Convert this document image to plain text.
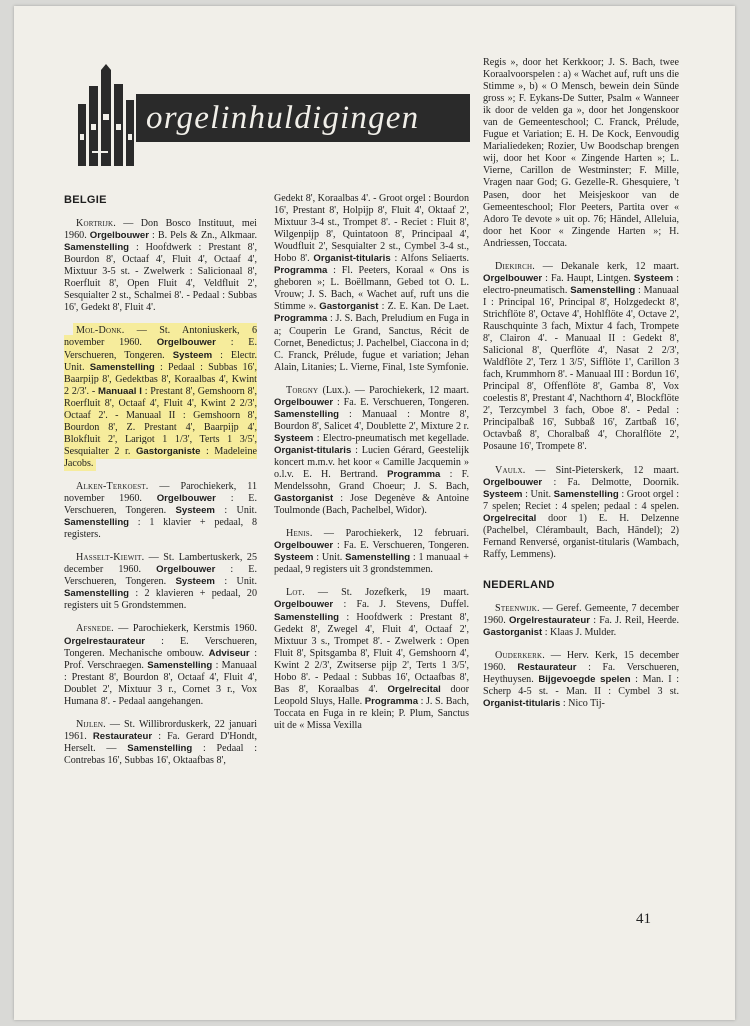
orgelinhuldigingen
BELGIE
Kortrijk. — Don Bosco Instituut, mei 1960. Orgelbouwer : B. Pels & Zn., Alkmaar. Samenstelling : Hoofdwerk : Prestant 8', Bourdon 8', Octaaf 4', Fluit 4', Octaaf 4', Mixtuur 3-5 st. - Zwelwerk : Salicionaal 8', Roerfluit 8', Open Fluit 4', Veldfluit 2', Sesquialter 2 st., Schalmei 8'. - Pedaal : Subbas 16', Gedekt 8', Fluit 4'.
Mol-Donk. — St. Antoniuskerk, 6 november 1960. Orgelbouwer : E. Verschueren, Tongeren. Systeem : Electr. Unit. Samenstelling : Pedaal : Subbas 16', Baarpijp 8', Gedektbas 8', Koraalbas 4', Kwint 2 2/3'. - Manuaal I : Prestant 8', Gemshoorn 8', Roerfluit 8', Octaaf 4', Fluit 4', Kwint 2 2/3', Octaaf 2'. - Manuaal II : Gemshoorn 8', Bourdon 8', Z. Prestant 4', Baarpijp 4', Blokfluit 2', Larigot 1 1/3', Terts 1 3/5', Sesquialter 2 r. Gastorganiste : Madeleine Jacobs.
Alken-Terkoest. — Parochiekerk, 11 november 1960. Orgelbouwer : E. Verschueren, Tongeren. Systeem : Unit. Samenstelling : 1 klavier + pedaal, 8 registers.
Hasselt-Kiewit. — St. Lambertuskerk, 25 december 1960. Orgelbouwer : E. Verschueren, Tongeren. Systeem : Unit. Samenstelling : 2 klavieren + pedaal, 20 registers uit 5 Grondstemmen.
Afsnede. — Parochiekerk, Kerstmis 1960. Orgelrestaurateur : E. Verschueren, Tongeren. Mechanische ombouw. Adviseur : Prof. Verschraegen. Samenstelling : Manuaal : Prestant 8', Bourdon 8', Octaaf 4', Fluit 4', Doublet 2', Mixtuur 3 r., Cornet 3 r., Vox Humana 8'. - Pedaal aangehangen.
Nijlen. — St. Willibrorduskerk, 22 januari 1961. Restaurateur : Fa. Gerard D'Hondt, Herselt. — Samenstelling : Pedaal : Contrebas 16', Subbas 16', Oktaafbas 8',
Gedekt 8', Koraalbas 4'. - Groot orgel : Bourdon 16', Prestant 8', Holpijp 8', Fluit 4', Oktaaf 2', Mixtuur 3-4 st., Trompet 8'. - Reciet : Fluit 8', Wilgenpijp 8', Quintatoon 8', Principaal 4', Woudfluit 2', Sesquialter 2 st., Cymbel 3-4 st., Hobo 8'. Organist-titularis : Alfons Seliaerts. Programma : Fl. Peeters, Koraal « Ons is gheboren »; L. Boëllmann, Gebed tot O. L. Vrouw; J. S. Bach, « Wachet auf, ruft uns die Stimme ». Gastorganist : Z. E. Kan. De Laet. Programma : J. S. Bach, Preludium en Fuga in a; Couperin Le Grand, Sanctus, Récit de Cornet, Benedictus; J. Pachelbel, Ciaccona in d; C. Franck, Prélude, fugue et variation; Jehan Alain, Litanies; L. Vierne, Final, 1ste Symfonie.
Torgny (Lux.). — Parochiekerk, 12 maart. Orgelbouwer : Fa. E. Verschueren, Tongeren. Samenstelling : Manuaal : Montre 8', Bourdon 8', Salicet 4', Doublette 2', Mixture 2 r. Systeem : Electro-pneumatisch met kegellade. Organist-titularis : Lucien Gérard, Geestelijk koncert m.m.v. het koor « Camille Jacquemin » o.l.v. E. H. Bertrand. Programma : F. Mendelssohn, Grand Choeur; J. S. Bach, Gastorganist : Jose Degenève & Antoine Toulmonde (Bach, Pachelbel, Widor).
Henis. — Parochiekerk, 12 februari. Orgelbouwer : Fa. E. Verschueren, Tongeren. Systeem : Unit. Samenstelling : 1 manuaal + pedaal, 9 registers uit 3 grondstemmen.
Lot. — St. Jozefkerk, 19 maart. Orgelbouwer : Fa. J. Stevens, Duffel. Samenstelling : Hoofdwerk : Prestant 8', Gedekt 8', Zwegel 4', Fluit 4', Octaaf 2', Mixtuur 3 s., Trompet 8'. - Zwelwerk : Open Fluit 8', Spitsgamba 8', Fluit 4', Gemshoorn 4', Kwint 2 2/3', Zwitserse pijp 2', Terts 1 3/5', Hobo 8'. - Pedaal : Subbas 16', Octaafbas 8', Bas 8', Koraalbas 4'. Orgelrecital door Leopold Sluys, Halle. Programma : J. S. Bach, Toccata en Fuga in re klein; P. Plum, Sanctus uit de « Missa Vexilla
Regis », door het Kerkkoor; J. S. Bach, twee Koraalvoorspelen : a) « Wachet auf, ruft uns die Stimme », b) « O Mensch, bewein dein Sünde gross »; F. Eykans-De Sutter, Psalm « Wanneer ik door de velden ga », door het Jongenskoor van de Gemeenteschool; C. Franck, Prélude, Fugue et Variation; E. H. De Kock, Eenvoudig Marialiedeken; Rozier, Uw Boodschap brengen wij, door het Koor « Zingende Harten »; L. Vierne, Carillon de Westminster; F. Mille, Vragen naar God; G. Gezelle-R. Ghesquiere, 't Pasen, door het Meisjeskoor van de Gemeenteschool; Flor Peeters, Partita over « Adoro Te devote » uit op. 76; Händel, Alleluia, door het Koor « Zingende Harten »; H. Andriessen, Toccata.
Diekirch. — Dekanale kerk, 12 maart. Orgelbouwer : Fa. Haupt, Lintgen. Systeem : electro-pneumatisch. Samenstelling : Manuaal I : Principal 16', Principal 8', Holzgedeckt 8', Strichflöte 8', Octave 4', Hohlflöte 4', Octave 2', Rauschquinte 3 fach, Mixtur 4 fach, Trompete 8', Clairon 4'. - Manuaal II : Gedekt 8', Salicional 8', Querflöte 4', Nasat 2 2/3', Waldflöte 2', Terz 1 3/5', Sifflöte 1', Carillon 3 fach, Krummhorn 8'. - Manuaal III : Bordun 16', Principal 8', Offenflöte 8', Gamba 8', Vox coelestis 8', Prestant 4', Nachthorn 4', Blockflöte 2', Terzcymbel 3 fach, Oboe 8'. - Pedal : Principalbaß 16', Subbaß 16', Zartbaß 16', Octavbaß 8', Choralbaß 4', Choralflöte 2', Posaune 16', Trompete 8'.
Vaulx. — Sint-Pieterskerk, 12 maart. Orgelbouwer : Fa. Delmotte, Doornik. Systeem : Unit. Samenstelling : Groot orgel : 7 spelen; Reciet : 4 spelen; pedaal : 4 spelen. Orgelrecital door 1) E. H. Delzenne (Pachelbel, Clérambault, Bach, Händel); 2) Fernand Renversé, organist-titularis (Wambach, Raffy, Lemmens).
NEDERLAND
Steenwijk. — Geref. Gemeente, 7 december 1960. Orgelrestaurateur : Fa. J. Reil, Heerde. Gastorganist : Klaas J. Mulder.
Ouderkerk. — Herv. Kerk, 15 december 1960. Restaurateur : Fa. Verschueren, Heythuysen. Bijgevoegde spelen : Man. I : Scherp 4-5 st. - Man. II : Cymbel 3 st. Organist-titularis : Nico Tij-
41
